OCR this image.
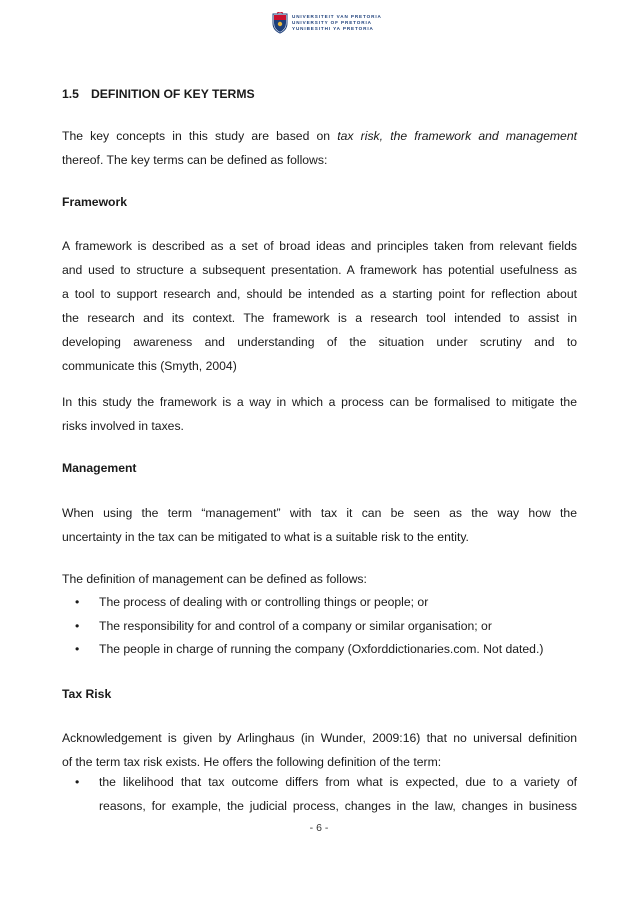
UNIVERSITEIT VAN PRETORIA
UNIVERSITY OF PRETORIA
YUNIBESITHI YA PRETORIA
1.5 DEFINITION OF KEY TERMS
The key concepts in this study are based on tax risk, the framework and management
thereof. The key terms can be defined as follows:
Framework
A framework is described as a set of broad ideas and principles taken from relevant fields
and used to structure a subsequent presentation. A framework has potential usefulness as
a tool to support research and, should be intended as a starting point for reflection about
the research and its context. The framework is a research tool intended to assist in
developing awareness and understanding of the situation under scrutiny and to
communicate this (Smyth, 2004)
In this study the framework is a way in which a process can be formalised to mitigate the
risks involved in taxes.
Management
When using the term “management” with tax it can be seen as the way how the
uncertainty in the tax can be mitigated to what is a suitable risk to the entity.
The definition of management can be defined as follows:
• The process of dealing with or controlling things or people; or
• The responsibility for and control of a company or similar organisation; or
• The people in charge of running the company (Oxforddictionaries.com. Not dated.)
Tax Risk
Acknowledgement is given by Arlinghaus (in Wunder, 2009:16) that no universal definition
of the term tax risk exists. He offers the following definition of the term:
• the likelihood that tax outcome differs from what is expected, due to a variety of
reasons, for example, the judicial process, changes in the law, changes in business
- 6 -
